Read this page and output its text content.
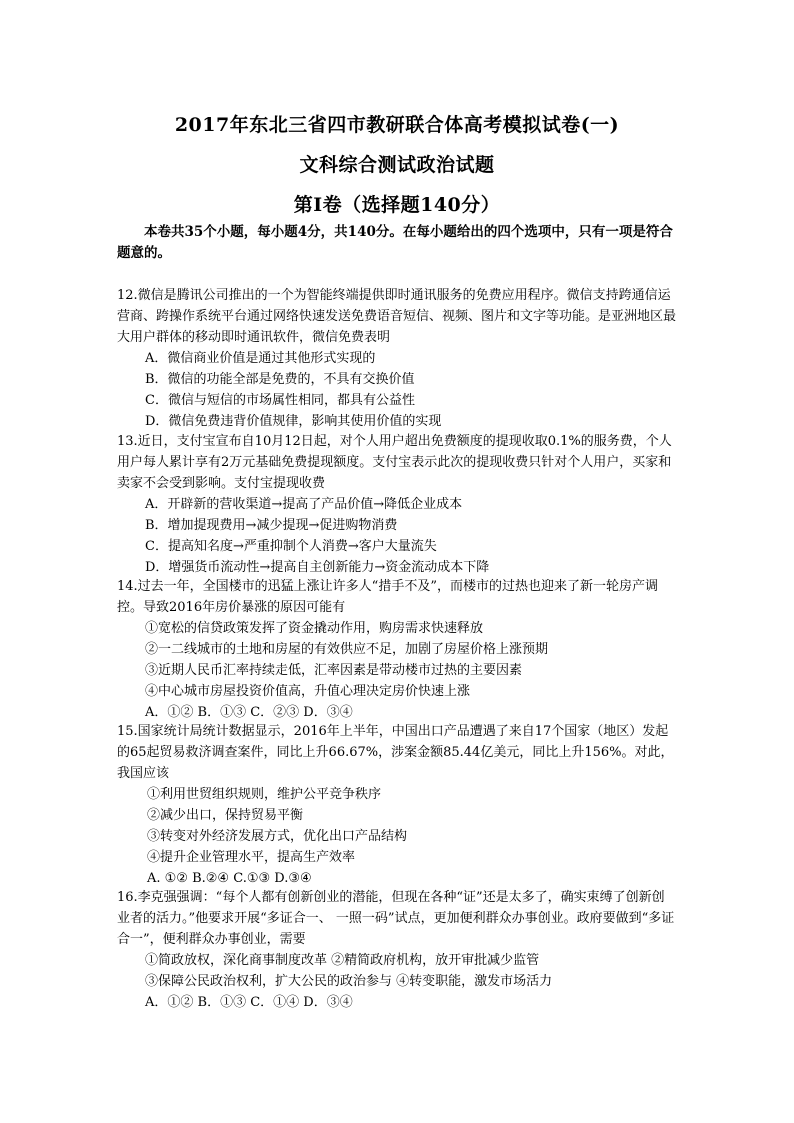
2017年东北三省四市教研联合体高考模拟试卷(一)
文科综合测试政治试题
第Ⅰ卷（选择题140分）
本卷共35个小题，每小题4分，共140分。在每小题给出的四个选项中，只有一项是符合题意的。
12.微信是腾讯公司推出的一个为智能终端提供即时通讯服务的免费应用程序。微信支持跨通信运营商、跨操作系统平台通过网络快速发送免费语音短信、视频、图片和文字等功能。是亚洲地区最大用户群体的移动即时通讯软件，微信免费表明
A．微信商业价值是通过其他形式实现的
B．微信的功能全部是免费的，不具有交换价值
C．微信与短信的市场属性相同，都具有公益性
D．微信免费违背价值规律，影响其使用价值的实现
13.近日，支付宝宣布自10月12日起，对个人用户超出免费额度的提现收取0.1%的服务费，个人用户每人累计享有2万元基础免费提现额度。支付宝表示此次的提现收费只针对个人用户，买家和卖家不会受到影响。支付宝提现收费
A．开辟新的营收渠道→提高了产品价值→降低企业成本
B．增加提现费用→减少提现→促进购物消费
C．提高知名度→严重抑制个人消费→客户大量流失
D．增强货币流动性→提高自主创新能力→资金流动成本下降
14.过去一年，全国楼市的迅猛上涨让许多人“措手不及”，而楼市的过热也迎来了新一轮房产调控。导致2016年房价暴涨的原因可能有
①宽松的信贷政策发挥了资金撬动作用，购房需求快速释放
②一二线城市的土地和房屋的有效供应不足，加剧了房屋价格上涨预期
③近期人民币汇率持续走低，汇率因素是带动楼市过热的主要因素
④中心城市房屋投资价值高，升值心理决定房价快速上涨
A．①② B．①③ C．②③ D．③④
15.国家统计局统计数据显示，2016年上半年，中国出口产品遭遇了来自17个国家（地区）发起的65起贸易救济调查案件，同比上升66.67%，涉案金额85.44亿美元，同比上升156%。对此，我国应该
①利用世贸组织规则，维护公平竞争秩序
②减少出口，保持贸易平衡
③转变对外经济发展方式，优化出口产品结构
④提升企业管理水平，提高生产效率
A. ①② B.②④ C.①③ D.③④
16.李克强强调：“每个人都有创新创业的潜能，但现在各种“证”还是太多了，确实束缚了创新创业者的活力。”他要求开展“多证合一、 一照一码”试点，更加便利群众办事创业。政府要做到“多证合一”，便利群众办事创业，需要
①简政放权，深化商事制度改革 ②精简政府机构，放开审批减少监管
③保障公民政治权利，扩大公民的政治参与 ④转变职能，激发市场活力
A．①② B．①③ C．①④ D．③④
